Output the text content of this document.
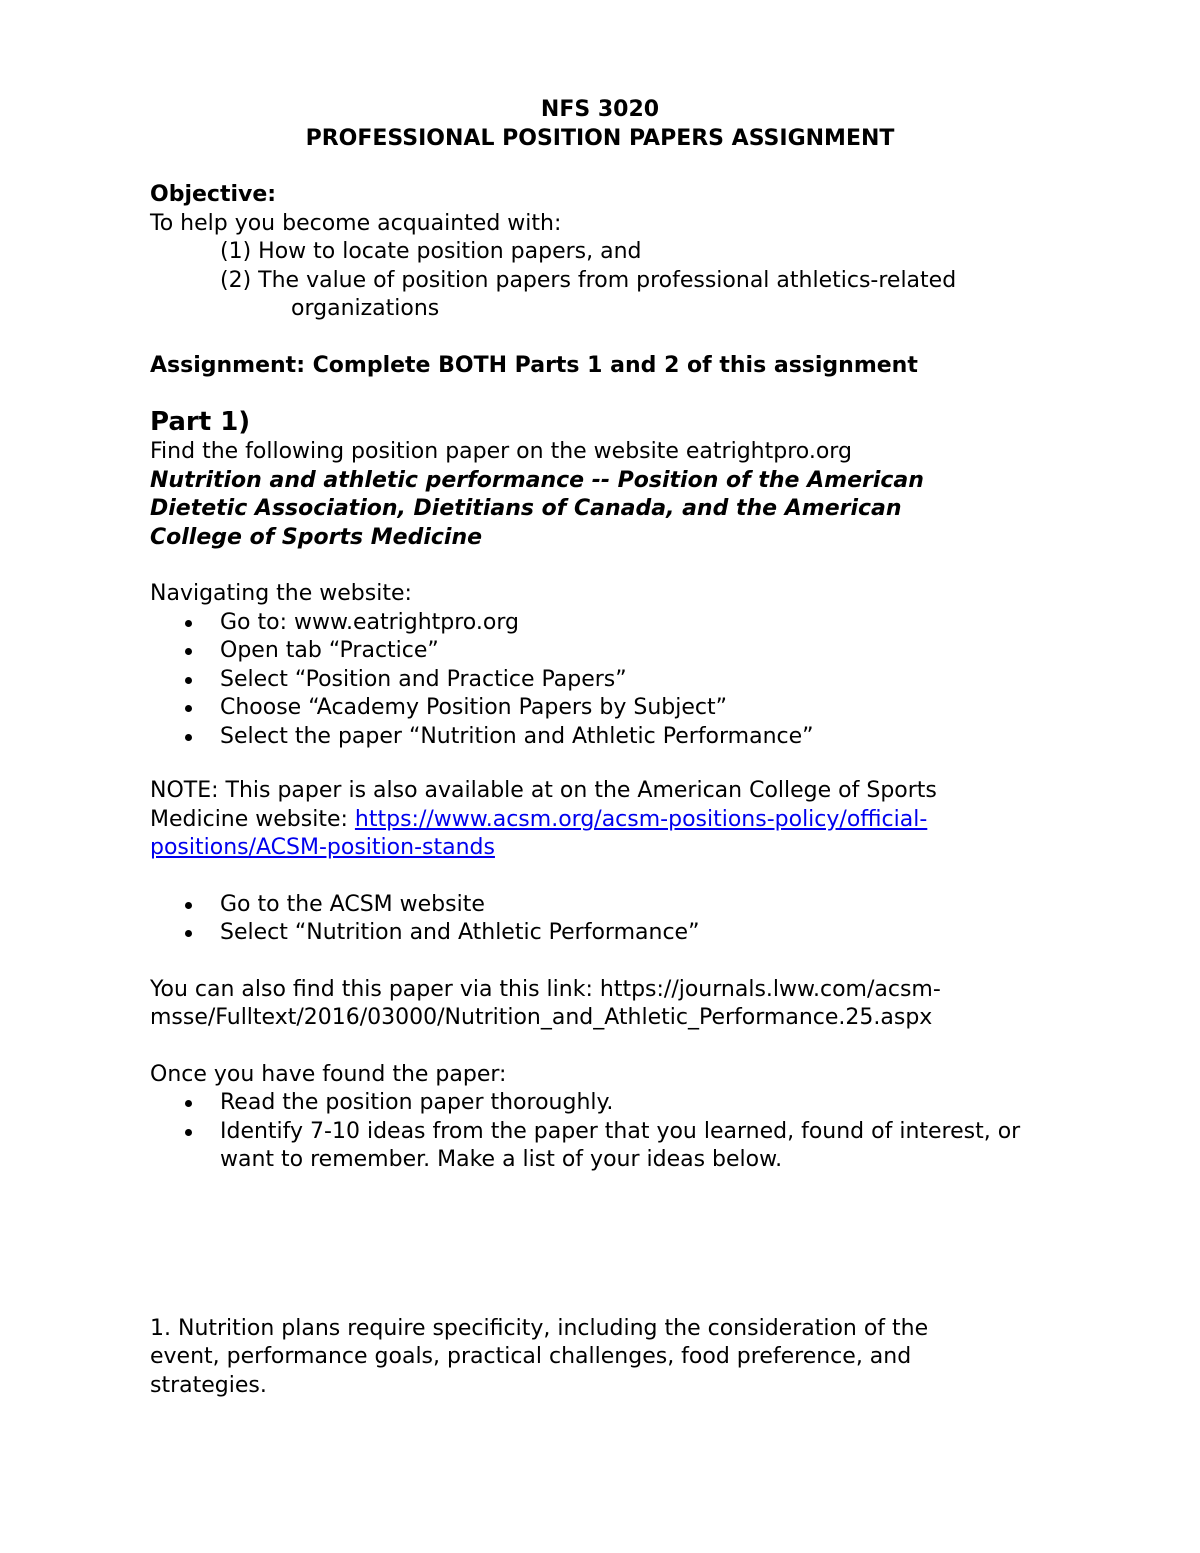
NFS 3020
PROFESSIONAL POSITION PAPERS ASSIGNMENT
Objective:
To help you become acquainted with:
(1) How to locate position papers, and
(2) The value of position papers from professional athletics-related
organizations
Assignment: Complete BOTH Parts 1 and 2 of this assignment
Part 1)
Find the following position paper on the website eatrightpro.org
Nutrition and athletic performance -- Position of the American
Dietetic Association, Dietitians of Canada, and the American
College of Sports Medicine
Navigating the website:
Go to: www.eatrightpro.org
Open tab “Practice”
Select “Position and Practice Papers”
Choose “Academy Position Papers by Subject”
Select the paper “Nutrition and Athletic Performance”
NOTE: This paper is also available at on the American College of Sports
Medicine website: https://www.acsm.org/acsm-positions-policy/official-
positions/ACSM-position-stands
Go to the ACSM website
Select “Nutrition and Athletic Performance”
You can also find this paper via this link: https://journals.lww.com/acsm-
msse/Fulltext/2016/03000/Nutrition_and_Athletic_Performance.25.aspx
Once you have found the paper:
Read the position paper thoroughly.
Identify 7-10 ideas from the paper that you learned, found of interest, or want to remember. Make a list of your ideas below.
1. Nutrition plans require specificity, including the consideration of the
event, performance goals, practical challenges, food preference, and
strategies.
